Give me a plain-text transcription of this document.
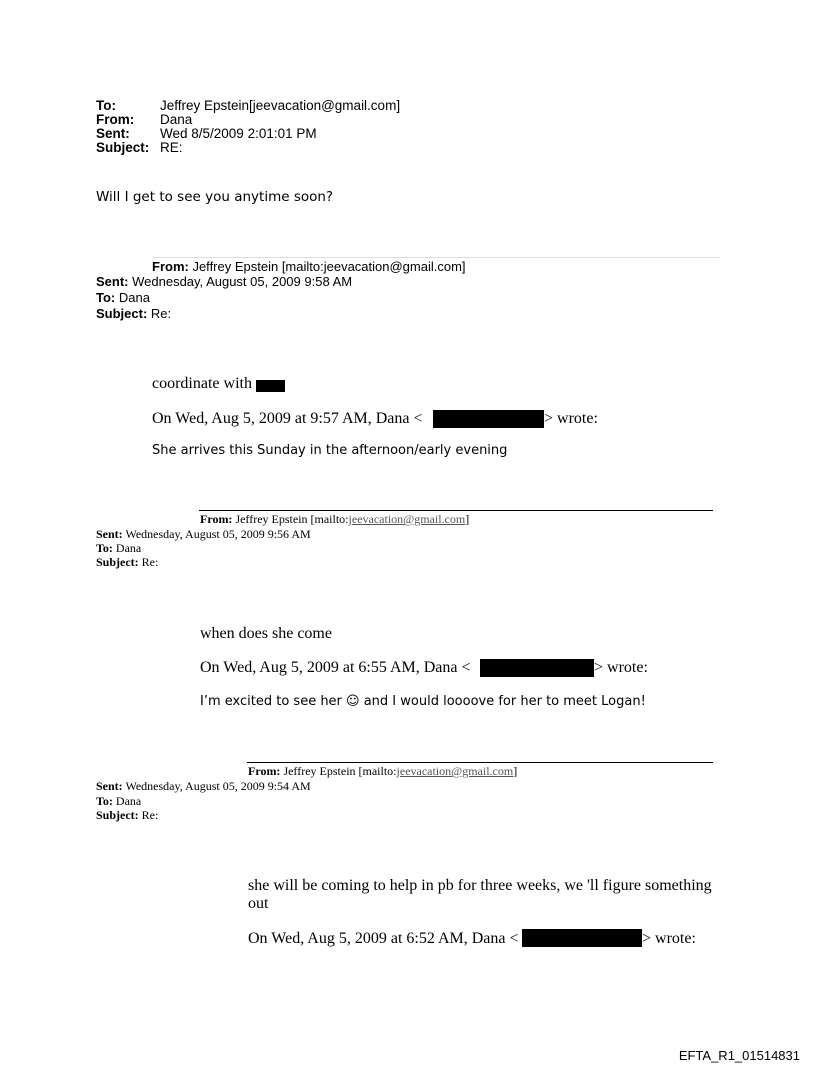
To:	Jeffrey Epstein[jeevacation@gmail.com]
From: Dana
Sent: Wed 8/5/2009 2:01:01 PM
Subject: RE:
Will I get to see you anytime soon?
From: Jeffrey Epstein [mailto:jeevacation@gmail.com]
Sent: Wednesday, August 05, 2009 9:58 AM
To: Dana
Subject: Re:
coordinate with
On Wed, Aug 5, 2009 at 9:57 AM, Dana <	> wrote:
She arrives this Sunday in the afternoon/early evening
From: Jeffrey Epstein [mailto:jeevacation@gmail.com]
Sent: Wednesday, August 05, 2009 9:56 AM
To: Dana
Subject: Re:
when does she come
On Wed, Aug 5, 2009 at 6:55 AM, Dana <	> wrote:
I’m excited to see her ☺ and I would loooove for her to meet Logan!
From: Jeffrey Epstein [mailto:jeevacation@gmail.com]
Sent: Wednesday, August 05, 2009 9:54 AM
To: Dana
Subject: Re:
she will be coming to help in pb for three weeks, we 'll figure something
out
On Wed, Aug 5, 2009 at 6:52 AM, Dana <	> wrote:
EFTA_R1_01514831
